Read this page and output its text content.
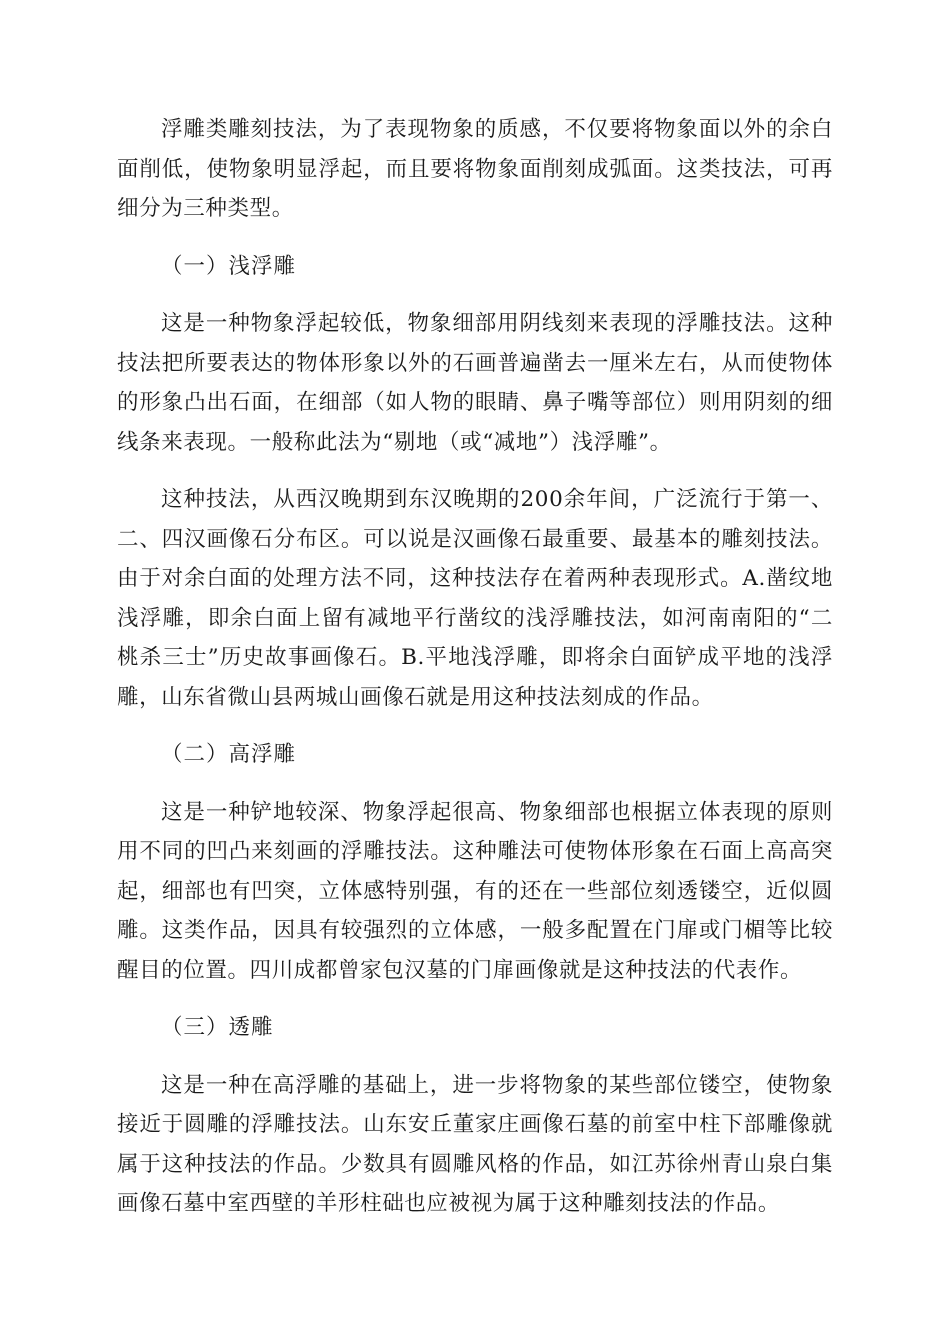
浮雕类雕刻技法，为了表现物象的质感，不仅要将物象面以外的余白面削低，使物象明显浮起，而且要将物象面削刻成弧面。这类技法，可再细分为三种类型。

（一）浅浮雕

这是一种物象浮起较低，物象细部用阴线刻来表现的浮雕技法。这种技法把所要表达的物体形象以外的石画普遍凿去一厘米左右，从而使物体的形象凸出石面，在细部（如人物的眼睛、鼻子嘴等部位）则用阴刻的细线条来表现。一般称此法为“剔地（或“减地”）浅浮雕”。

这种技法，从西汉晚期到东汉晚期的200余年间，广泛流行于第一、二、四汉画像石分布区。可以说是汉画像石最重要、最基本的雕刻技法。由于对余白面的处理方法不同，这种技法存在着两种表现形式。A.凿纹地浅浮雕，即余白面上留有减地平行凿纹的浅浮雕技法，如河南南阳的“二桃杀三士”历史故事画像石。B.平地浅浮雕，即将余白面铲成平地的浅浮雕，山东省微山县两城山画像石就是用这种技法刻成的作品。

（二）高浮雕

这是一种铲地较深、物象浮起很高、物象细部也根据立体表现的原则用不同的凹凸来刻画的浮雕技法。这种雕法可使物体形象在石面上高高突起，细部也有凹突，立体感特别强，有的还在一些部位刻透镂空，近似圆雕。这类作品，因具有较强烈的立体感，一般多配置在门扉或门楣等比较醒目的位置。四川成都曾家包汉墓的门扉画像就是这种技法的代表作。

（三）透雕

这是一种在高浮雕的基础上，进一步将物象的某些部位镂空，使物象接近于圆雕的浮雕技法。山东安丘董家庄画像石墓的前室中柱下部雕像就属于这种技法的作品。少数具有圆雕风格的作品，如江苏徐州青山泉白集画像石墓中室西壁的羊形柱础也应被视为属于这种雕刻技法的作品。
